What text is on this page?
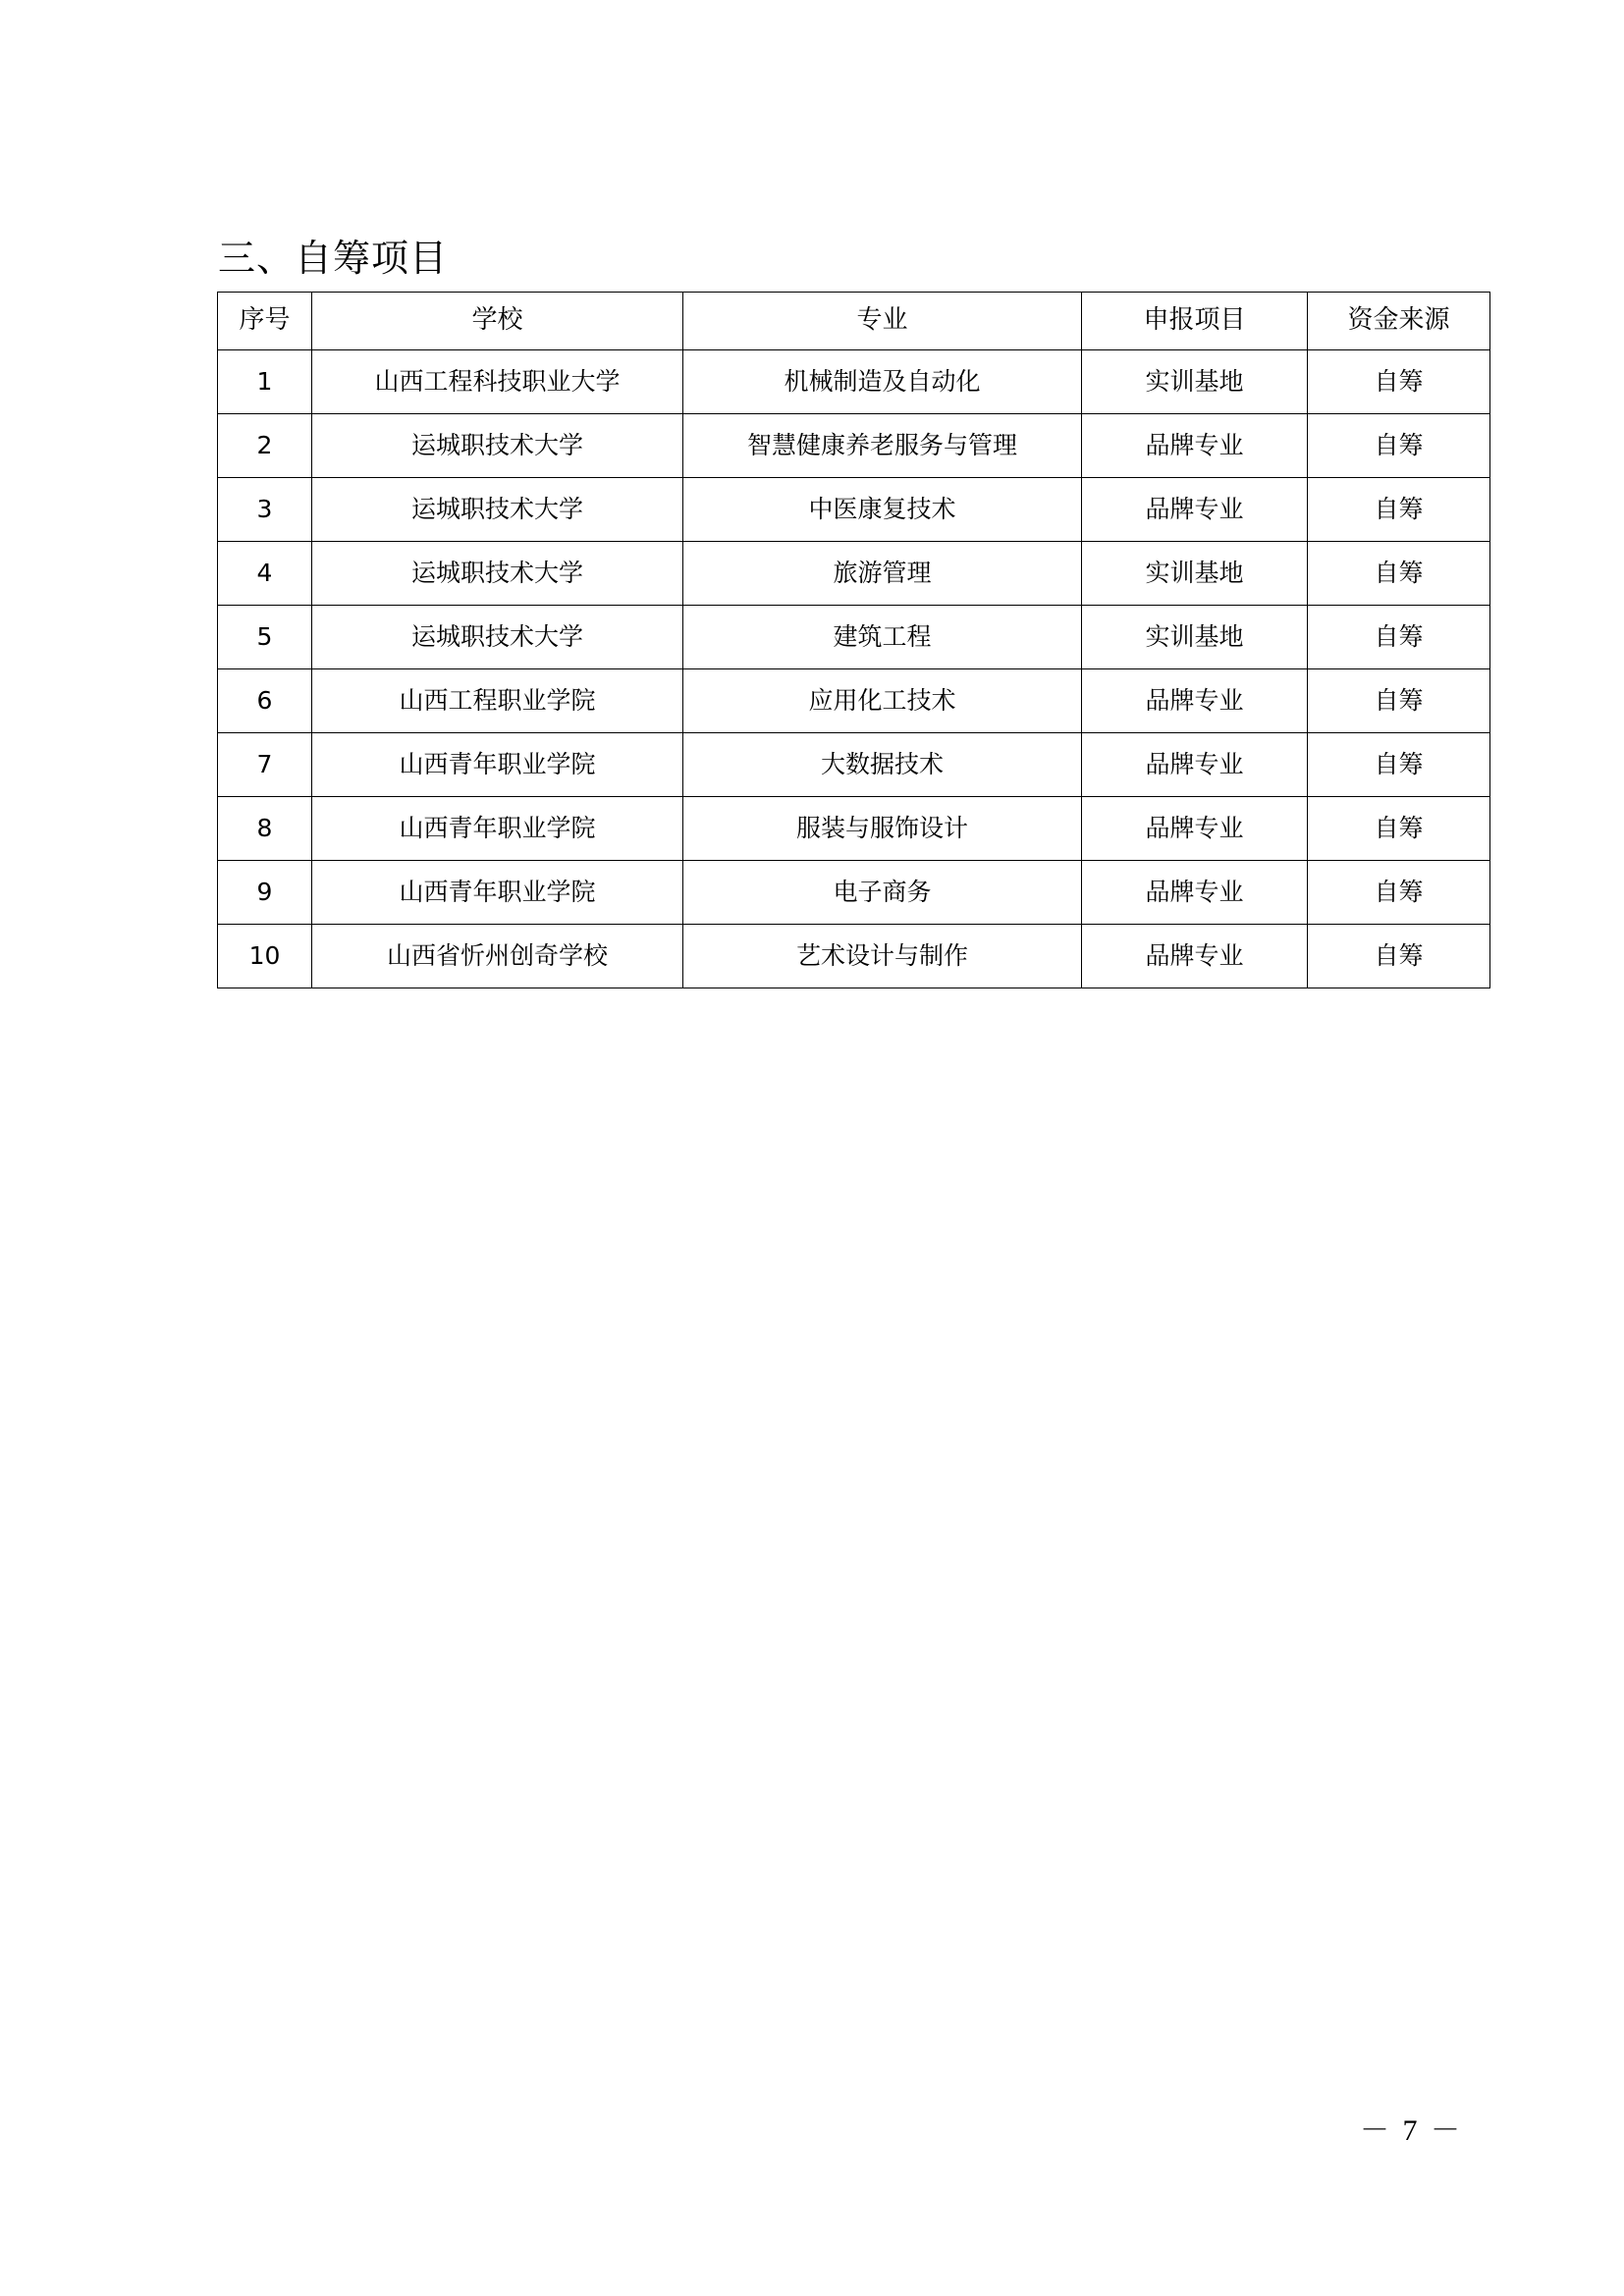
三、自筹项目
序号	学校	专业	申报项目	资金来源
1	山西工程科技职业大学	机械制造及自动化	实训基地	自筹
2	运城职技术大学	智慧健康养老服务与管理	品牌专业	自筹
3	运城职技术大学	中医康复技术	品牌专业	自筹
4	运城职技术大学	旅游管理	实训基地	自筹
5	运城职技术大学	建筑工程	实训基地	自筹
6	山西工程职业学院	应用化工技术	品牌专业	自筹
7	山西青年职业学院	大数据技术	品牌专业	自筹
8	山西青年职业学院	服装与服饰设计	品牌专业	自筹
9	山西青年职业学院	电子商务	品牌专业	自筹
10	山西省忻州创奇学校	艺术设计与制作	品牌专业	自筹
－ 7 －
